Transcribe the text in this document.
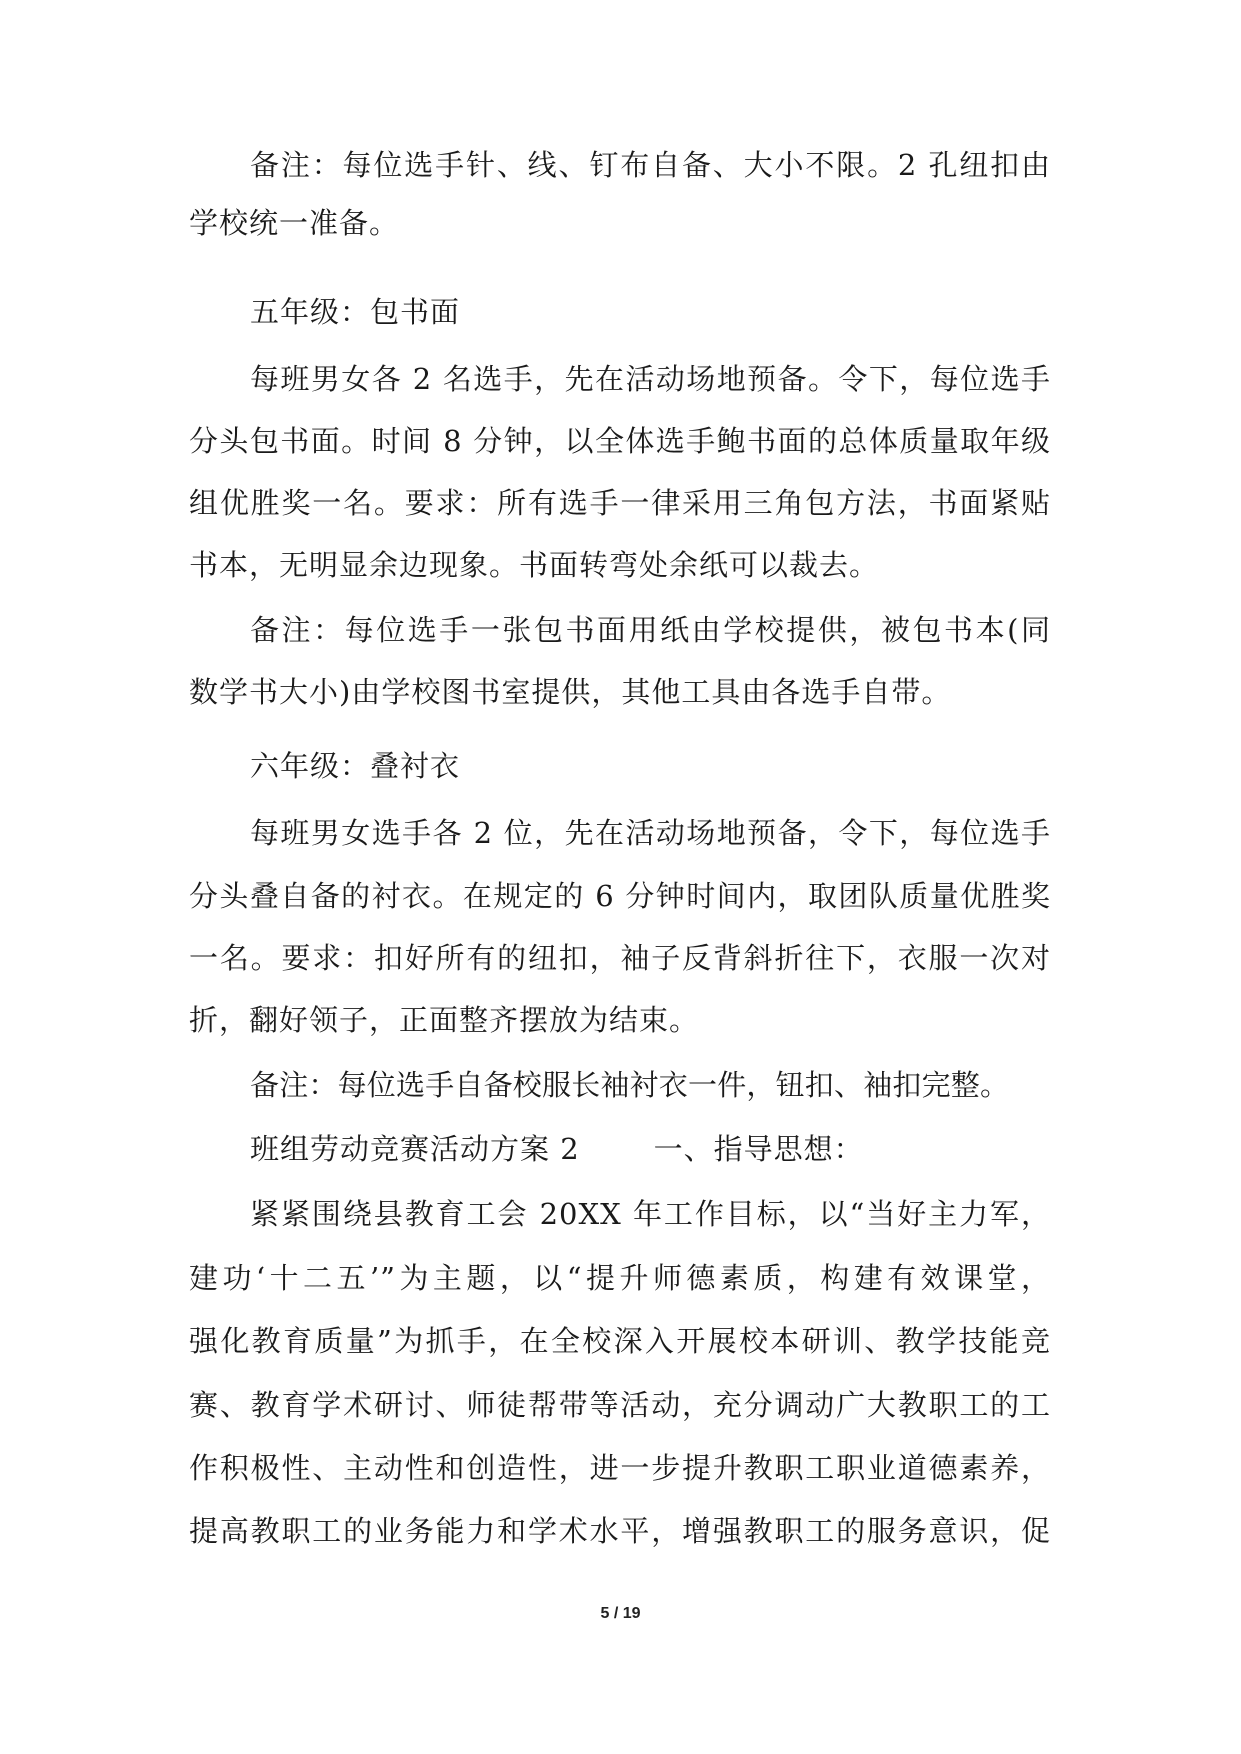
备注：每位选手针、线、钉布自备、大小不限。2 孔纽扣由
学校统一准备。
五年级：包书面
每班男女各 2 名选手，先在活动场地预备。令下，每位选手
分头包书面。时间 8 分钟，以全体选手鲍书面的总体质量取年级
组优胜奖一名。要求：所有选手一律采用三角包方法，书面紧贴
书本，无明显余边现象。书面转弯处余纸可以裁去。
备注：每位选手一张包书面用纸由学校提供，被包书本(同
数学书大小)由学校图书室提供，其他工具由各选手自带。
六年级：叠衬衣
每班男女选手各 2 位，先在活动场地预备，令下，每位选手
分头叠自备的衬衣。在规定的 6 分钟时间内，取团队质量优胜奖
一名。要求：扣好所有的纽扣，袖子反背斜折往下，衣服一次对
折，翻好领子，正面整齐摆放为结束。
备注：每位选手自备校服长袖衬衣一件，钮扣、袖扣完整。
班组劳动竞赛活动方案 2	一、指导思想：
紧紧围绕县教育工会 20XX 年工作目标，以“当好主力军，
建功‘十二五’”为主题，以“提升师德素质，构建有效课堂，
强化教育质量”为抓手，在全校深入开展校本研训、教学技能竞
赛、教育学术研讨、师徒帮带等活动，充分调动广大教职工的工
作积极性、主动性和创造性，进一步提升教职工职业道德素养，
提高教职工的业务能力和学术水平，增强教职工的服务意识，促
5 / 19
